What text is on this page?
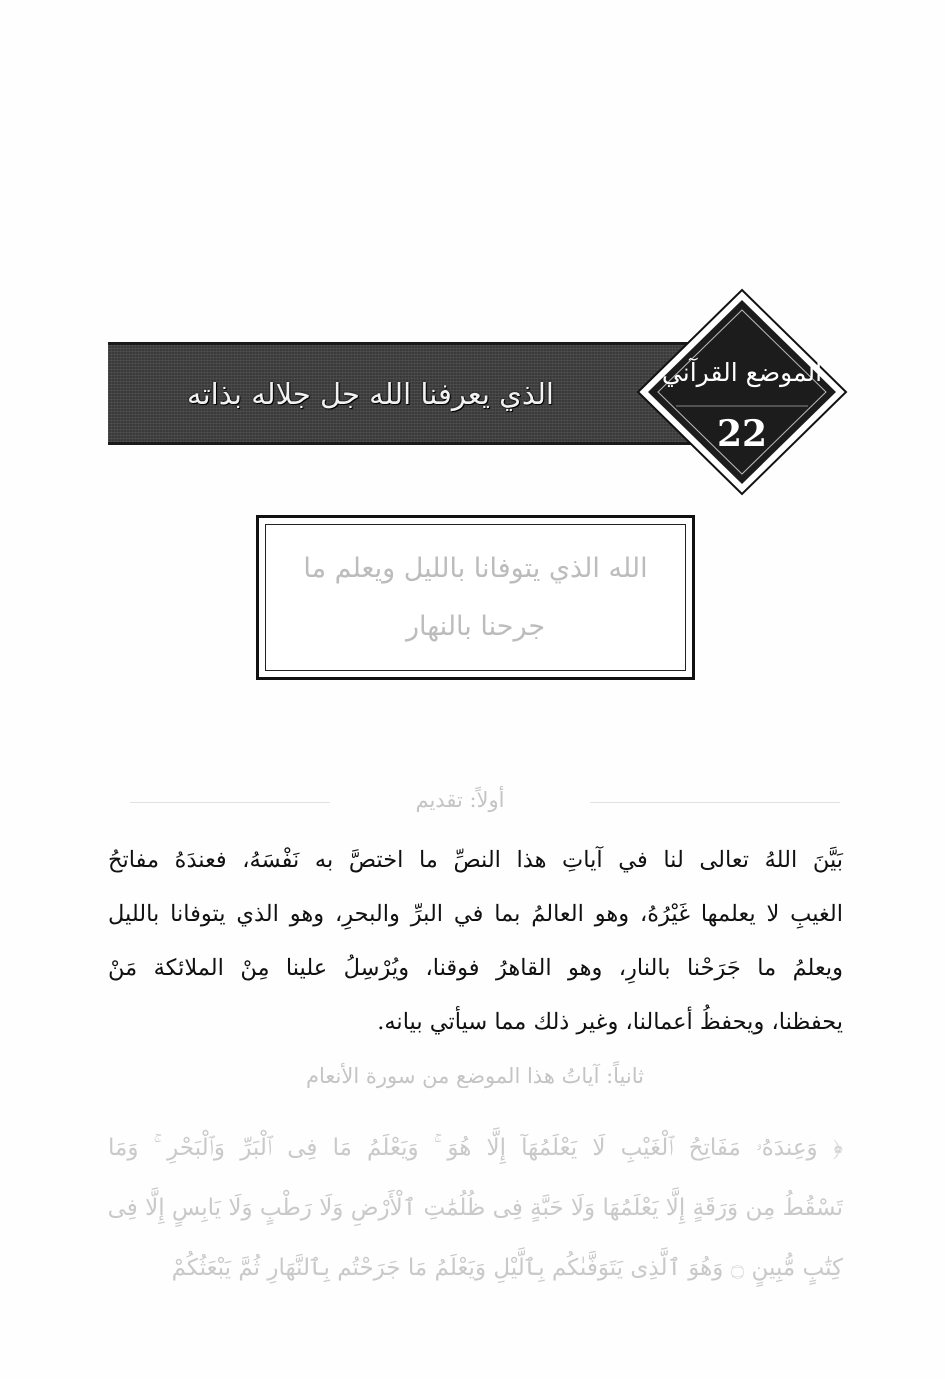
الذي يعرفنا الله جل جلاله بذاته
الموضع القرآني
22
الله الذي يتوفانا بالليل ويعلم ما
جرحنا بالنهار
أولاً: تقديم
بَيَّنَ اللهُ تعالى لنا في آياتِ هذا النصِّ ما اختصَّ به نَفْسَهُ، فعندَهُ مفاتحُ
الغيبِ لا يعلمها غَيْرُهُ، وهو العالمُ بما في البرِّ والبحرِ، وهو الذي يتوفانا بالليل
ويعلمُ ما جَرَحْنا بالنارِ، وهو القاهرُ فوقنا، ويُرْسِلُ علينا مِنْ الملائكة مَنْ
يحفظنا، ويحفظُ أعمالنا، وغير ذلك مما سيأتي بيانه.
ثانياً: آياتُ هذا الموضع من سورة الأنعام
﴿ وَعِندَهُۥ مَفَاتِحُ ٱلْغَيْبِ لَا يَعْلَمُهَآ إِلَّا هُوَ ۚ وَيَعْلَمُ مَا فِى ٱلْبَرِّ وَٱلْبَحْرِ ۚ وَمَا
تَسْقُطُ مِن وَرَقَةٍ إِلَّا يَعْلَمُهَا وَلَا حَبَّةٍ فِى ظُلُمَٰتِ ٱلْأَرْضِ وَلَا رَطْبٍ وَلَا يَابِسٍ إِلَّا فِى
كِتَٰبٍ مُّبِينٍ ۝ وَهُوَ ٱلَّذِى يَتَوَفَّىٰكُم بِٱلَّيْلِ وَيَعْلَمُ مَا جَرَحْتُم بِٱلنَّهَارِ ثُمَّ يَبْعَثُكُمْ
